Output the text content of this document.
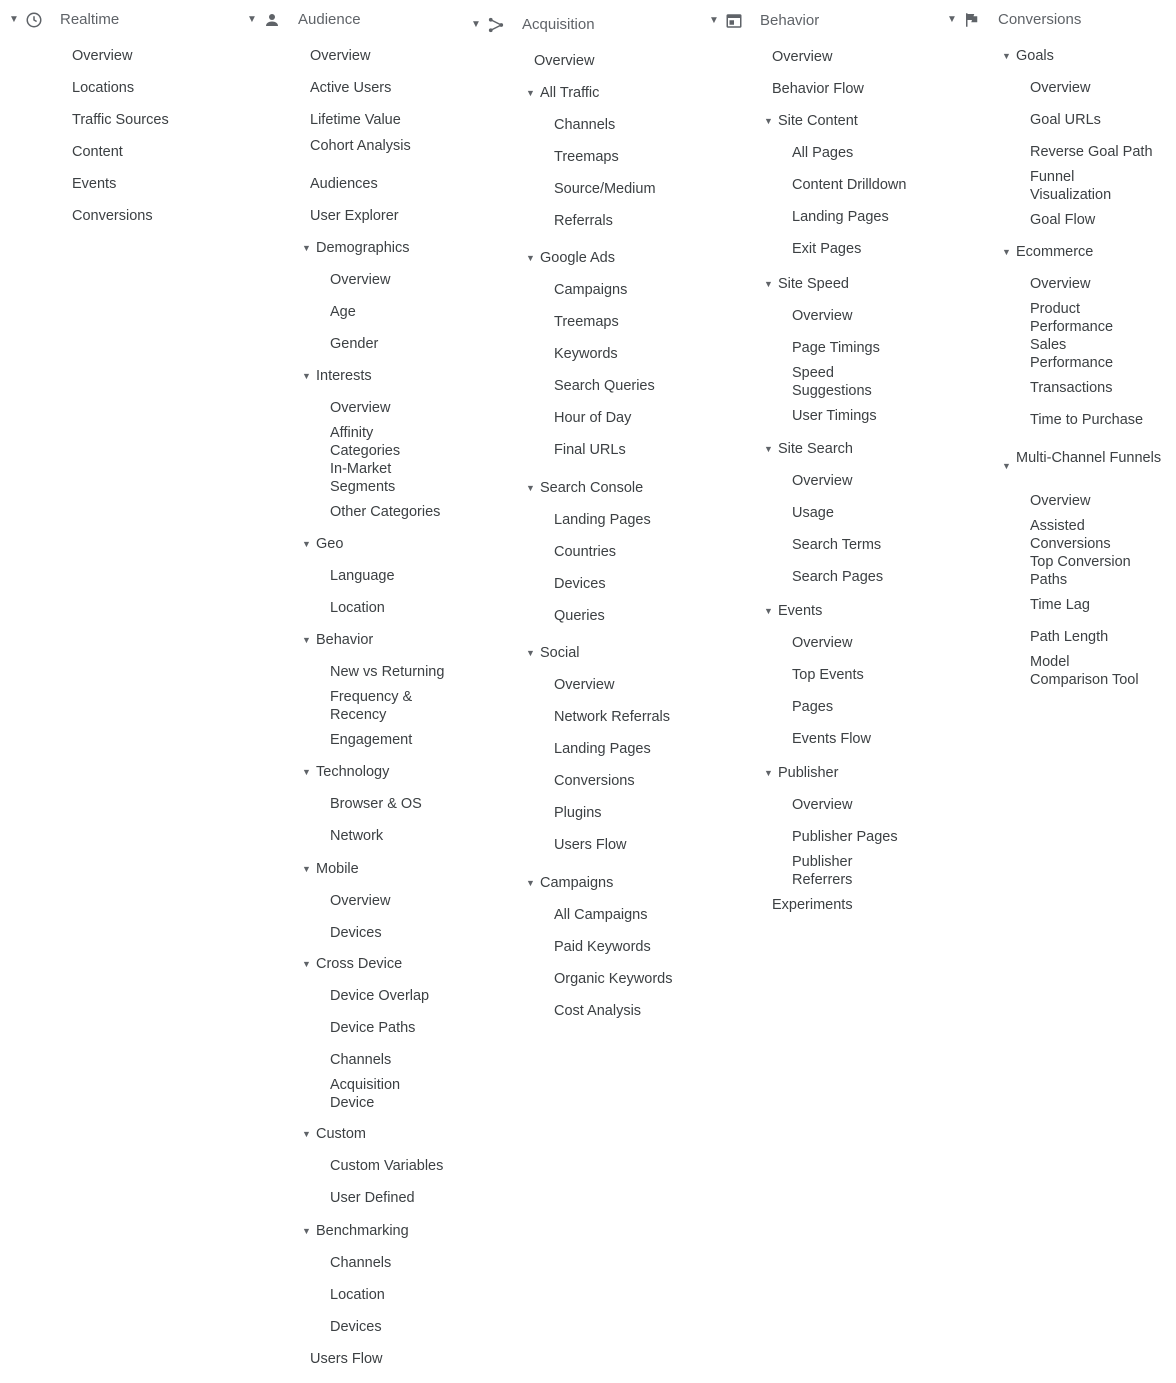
▼	Realtime
Overview
Locations
Traffic Sources
Content
Events
Conversions
▼	Audience
Overview
Active Users
Lifetime Value
Cohort Analysis
Audiences
User Explorer
▼ Demographics
Overview
Age
Gender
▼ Interests
Overview
Affinity Categories
In-Market Segments
Other Categories
▼ Geo
Language
Location
▼ Behavior
New vs Returning
Frequency & Recency
Engagement
▼ Technology
Browser & OS
Network
▼ Mobile
Overview
Devices
▼ Cross Device
Device Overlap
Device Paths
Channels
Acquisition Device
▼ Custom
Custom Variables
User Defined
▼ Benchmarking
Channels
Location
Devices
Users Flow
▼	Acquisition
Overview
▼ All Traffic
Channels
Treemaps
Source/Medium
Referrals
▼ Google Ads
Campaigns
Treemaps
Keywords
Search Queries
Hour of Day
Final URLs
▼ Search Console
Landing Pages
Countries
Devices
Queries
▼ Social
Overview
Network Referrals
Landing Pages
Conversions
Plugins
Users Flow
▼ Campaigns
All Campaigns
Paid Keywords
Organic Keywords
Cost Analysis
▼	Behavior
Overview
Behavior Flow
▼ Site Content
All Pages
Content Drilldown
Landing Pages
Exit Pages
▼ Site Speed
Overview
Page Timings
Speed Suggestions
User Timings
▼ Site Search
Overview
Usage
Search Terms
Search Pages
▼ Events
Overview
Top Events
Pages
Events Flow
▼ Publisher
Overview
Publisher Pages
Publisher Referrers
Experiments
▼	Conversions
▼ Goals
Overview
Goal URLs
Reverse Goal Path
Funnel Visualization
Goal Flow
▼ Ecommerce
Overview
Product Performance
Sales Performance
Transactions
Time to Purchase
▼ Multi-Channel Funnels
Overview
Assisted Conversions
Top Conversion Paths
Time Lag
Path Length
Model Comparison Tool
